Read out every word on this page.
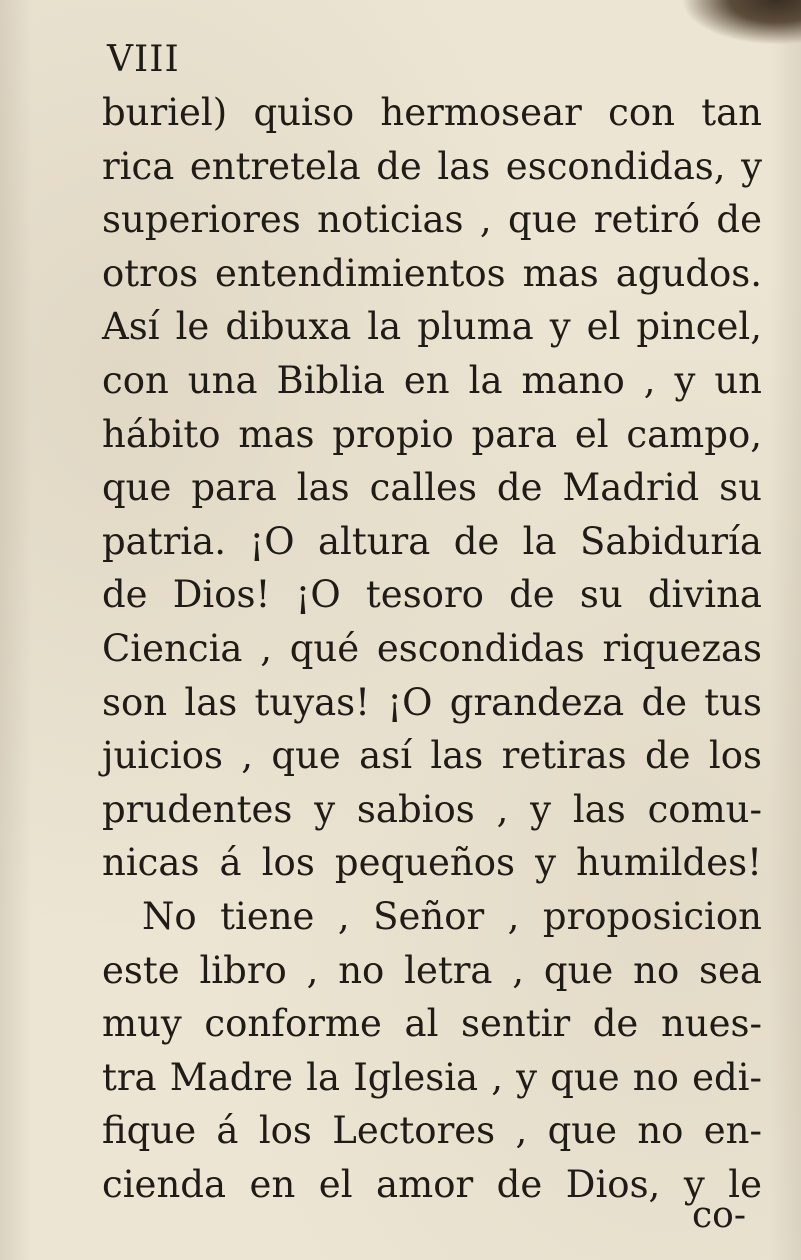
VIII
buriel) quiso hermosear con tan
rica entretela de las escondidas, y
superiores noticias , que retiró de
otros entendimientos mas agudos.
Así le dibuxa la pluma y el pincel,
con una Biblia en la mano , y un
hábito mas propio para el campo,
que para las calles de Madrid su
patria. ¡O altura de la Sabiduría
de Dios! ¡O tesoro de su divina
Ciencia , qué escondidas riquezas
son las tuyas! ¡O grandeza de tus
juicios , que así las retiras de los
prudentes y sabios , y las comu-
nicas á los pequeños y humildes!
No tiene , Señor , proposicion
este libro , no letra , que no sea
muy conforme al sentir de nues-
tra Madre la Iglesia , y que no edi-
fique á los Lectores , que no en-
cienda en el amor de Dios, y le
co-
